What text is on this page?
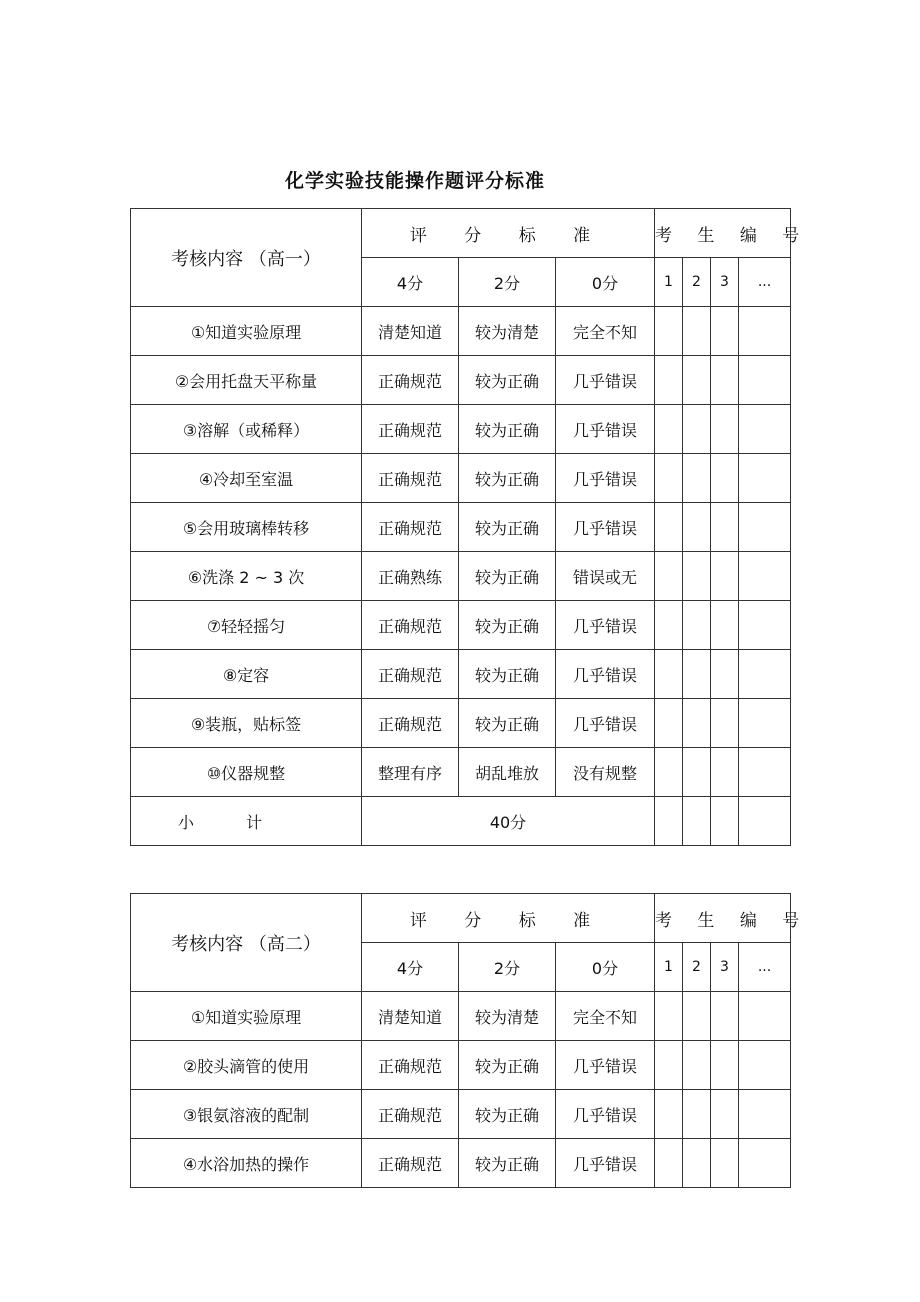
化学实验技能操作题评分标准
考核内容 （高一）	评 分 标 准			考 生 编 号			
	4分	2分	0分	1	2	3	...
①知道实验原理	清楚知道	较为清楚	完全不知				
②会用托盘天平称量	正确规范	较为正确	几乎错误				
③溶解（或稀释）	正确规范	较为正确	几乎错误				
④冷却至室温	正确规范	较为正确	几乎错误				
⑤会用玻璃棒转移	正确规范	较为正确	几乎错误				
⑥洗涤 2 ~ 3 次	正确熟练	较为正确	错误或无				
⑦轻轻摇匀	正确规范	较为正确	几乎错误				
⑧定容	正确规范	较为正确	几乎错误				
⑨装瓶，贴标签	正确规范	较为正确	几乎错误				
⑩仪器规整	整理有序	胡乱堆放	没有规整				
小计	40分						
考核内容 （高二）	评 分 标 准			考 生 编 号			
	4分	2分	0分	1	2	3	...
①知道实验原理	清楚知道	较为清楚	完全不知				
②胶头滴管的使用	正确规范	较为正确	几乎错误				
③银氨溶液的配制	正确规范	较为正确	几乎错误				
④水浴加热的操作	正确规范	较为正确	几乎错误				
